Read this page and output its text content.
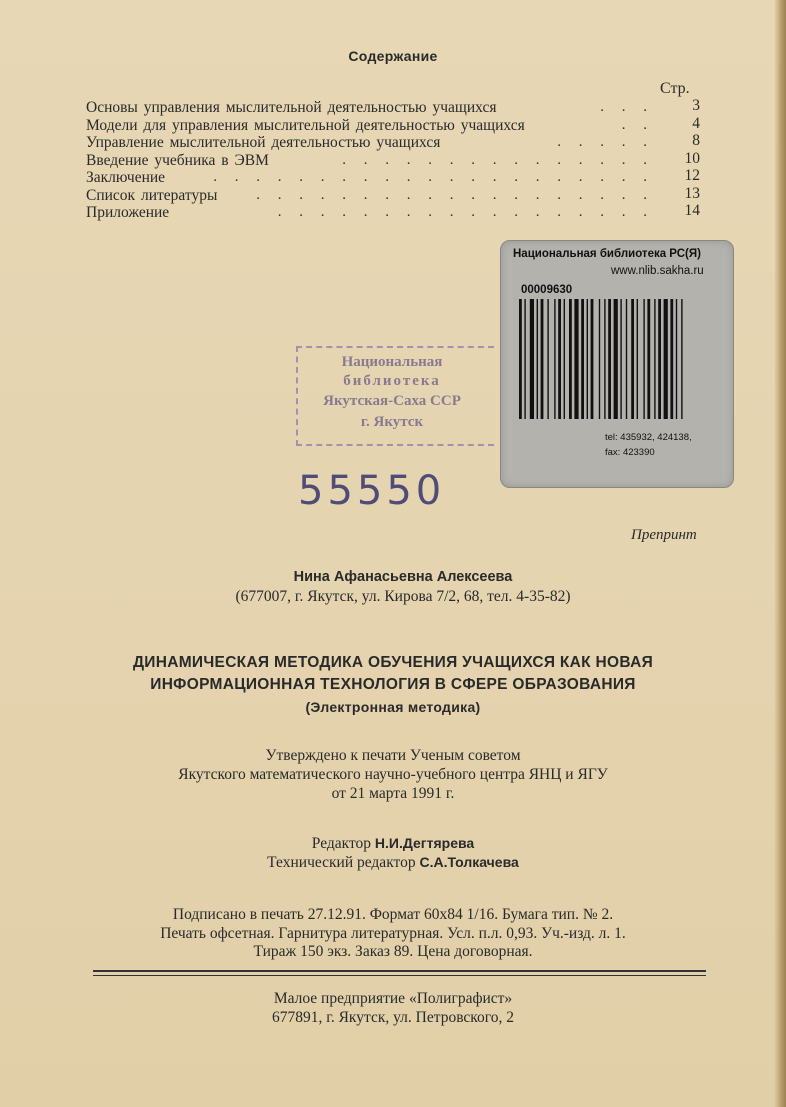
Содержание
Стр.
Основы управления мыслительной деятельностью учащихся	. . .	3
Модели для управления мыслительной деятельностью учащихся	. .	4
Управление мыслительной деятельностью учащихся	. . . . .	8
Введение учебника в ЭВМ	. . . . . . . . . . . . . . .	10
Заключение	. . . . . . . . . . . . . . . . . . . . .	12
Список литературы	. . . . . . . . . . . . . . . . . . .	13
Приложение	. . . . . . . . . . . . . . . . . .	14
Национальная библиотека РС(Я)
www.nlib.sakha.ru
00009630
tel: 435932, 424138,
fax: 423390
Национальная
библиотека
Якутская-Саха ССР
г. Якутск
55550
Препринт
Нина Афанасьевна Алексеева
(677007, г. Якутск, ул. Кирова 7/2, 68, тел. 4-35-82)
ДИНАМИЧЕСКАЯ МЕТОДИКА ОБУЧЕНИЯ УЧАЩИХСЯ КАК НОВАЯ
ИНФОРМАЦИОННАЯ ТЕХНОЛОГИЯ В СФЕРЕ ОБРАЗОВАНИЯ
(Электронная методика)
Утверждено к печати Ученым советом
Якутского математического научно-учебного центра ЯНЦ и ЯГУ
от 21 марта 1991 г.
Редактор Н.И.Дегтярева
Технический редактор С.А.Толкачева
Подписано в печать 27.12.91. Формат 60x84 1/16. Бумага тип. № 2.
Печать офсетная. Гарнитура литературная. Усл. п.л. 0,93. Уч.-изд. л. 1.
Тираж 150 экз. Заказ 89. Цена договорная.
Малое предприятие «Полиграфист»
677891, г. Якутск, ул. Петровского, 2
